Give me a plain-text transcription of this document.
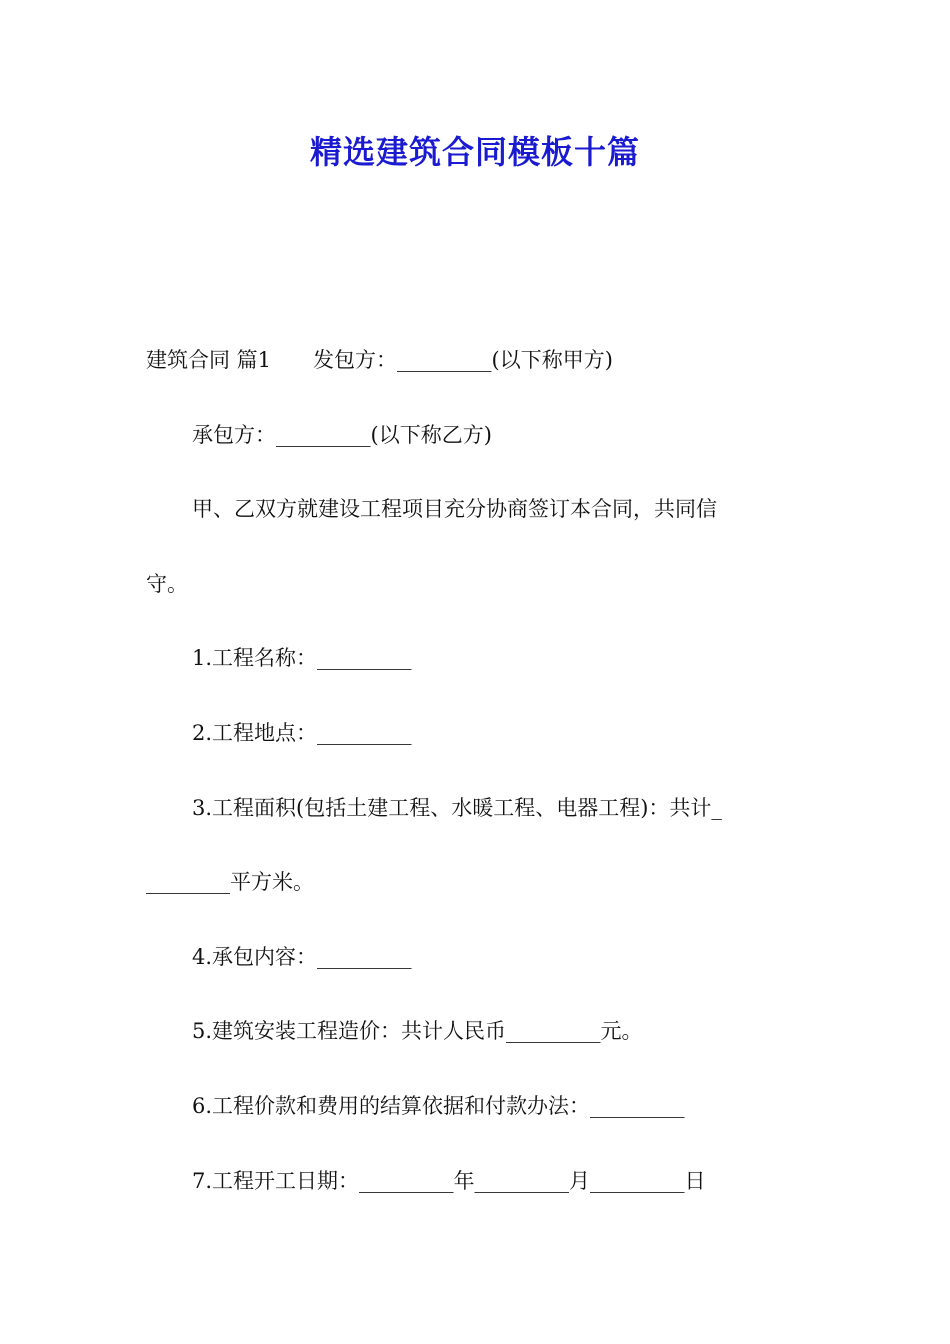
精选建筑合同模板十篇
建筑合同 篇1　　发包方：_________(以下称甲方)
承包方：_________(以下称乙方)
甲、乙双方就建设工程项目充分协商签订本合同，共同信
守。
1.工程名称：_________
2.工程地点：_________
3.工程面积(包括土建工程、水暖工程、电器工程)：共计_
________平方米。
4.承包内容：_________
5.建筑安装工程造价：共计人民币_________元。
6.工程价款和费用的结算依据和付款办法：_________
7.工程开工日期：_________年_________月_________日
